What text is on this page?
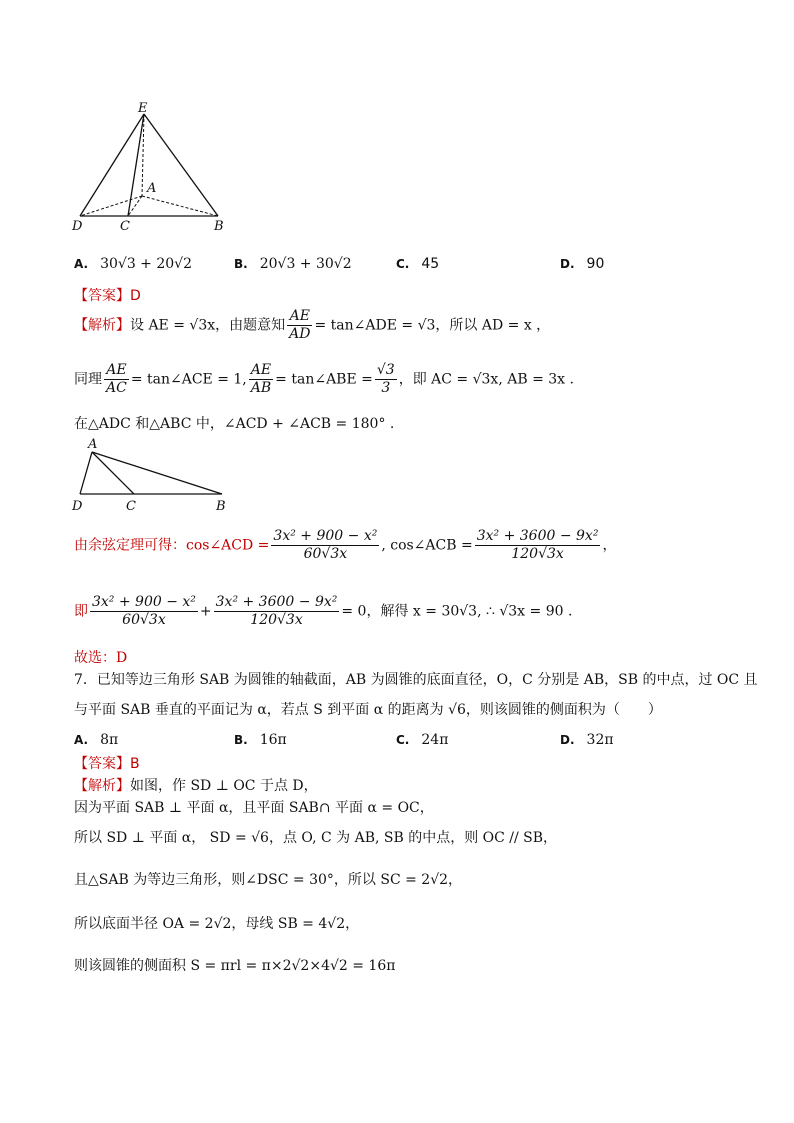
E
A
D	C	B
A. 30√3 + 20√2	B. 20√3 + 30√2	C. 45	D. 90
【答案】D
【解析】设 AE = √3x，由题意知 $\frac{AE}{AD}$ = tan∠ADE = √3，所以 AD = x ，
同理 $\frac{AE}{AC}$ = tan∠ACE = 1, $\frac{AE}{AB}$ = tan∠ABE = $\frac{√3}{3}$ ，即 AC = √3x, AB = 3x .
在△ADC 和△ABC 中，∠ACD + ∠ACB = 180° .
A
D	C	B
由余弦定理可得：cos∠ACD = $\frac{\text{3x² + 900 − x²}}{60√3x}$ , cos∠ACB = $\frac{\text{3x² + 3600 − 9x²}}{120√3x}$ ，
即 $\frac{\text{3x² + 900 − x²}}{60√3x} + \frac{\text{3x² + 3600 − 9x²}}{120√3x} = 0$，解得 x = 30√3, ∴ √3x = 90 .
故选：D
7．已知等边三角形 SAB 为圆锥的轴截面，AB 为圆锥的底面直径，O，C 分别是 AB，SB 的中点，过 OC 且
与平面 SAB 垂直的平面记为 α，若点 S 到平面 α 的距离为 √6，则该圆锥的侧面积为（　　）
A. 8π	B. 16π	C. 24π	D. 32π
【答案】B
【解析】如图，作 SD ⊥ OC 于点 D，
因为平面 SAB ⊥ 平面 α，且平面 SAB∩ 平面 α = OC，
所以 SD ⊥ 平面 α， SD = √6，点 O, C 为 AB, SB 的中点，则 OC // SB，
且△SAB 为等边三角形，则∠DSC = 30°，所以 SC = 2√2，
所以底面半径 OA = 2√2，母线 SB = 4√2，
则该圆锥的侧面积 S = πrl = π×2√2×4√2 = 16π
